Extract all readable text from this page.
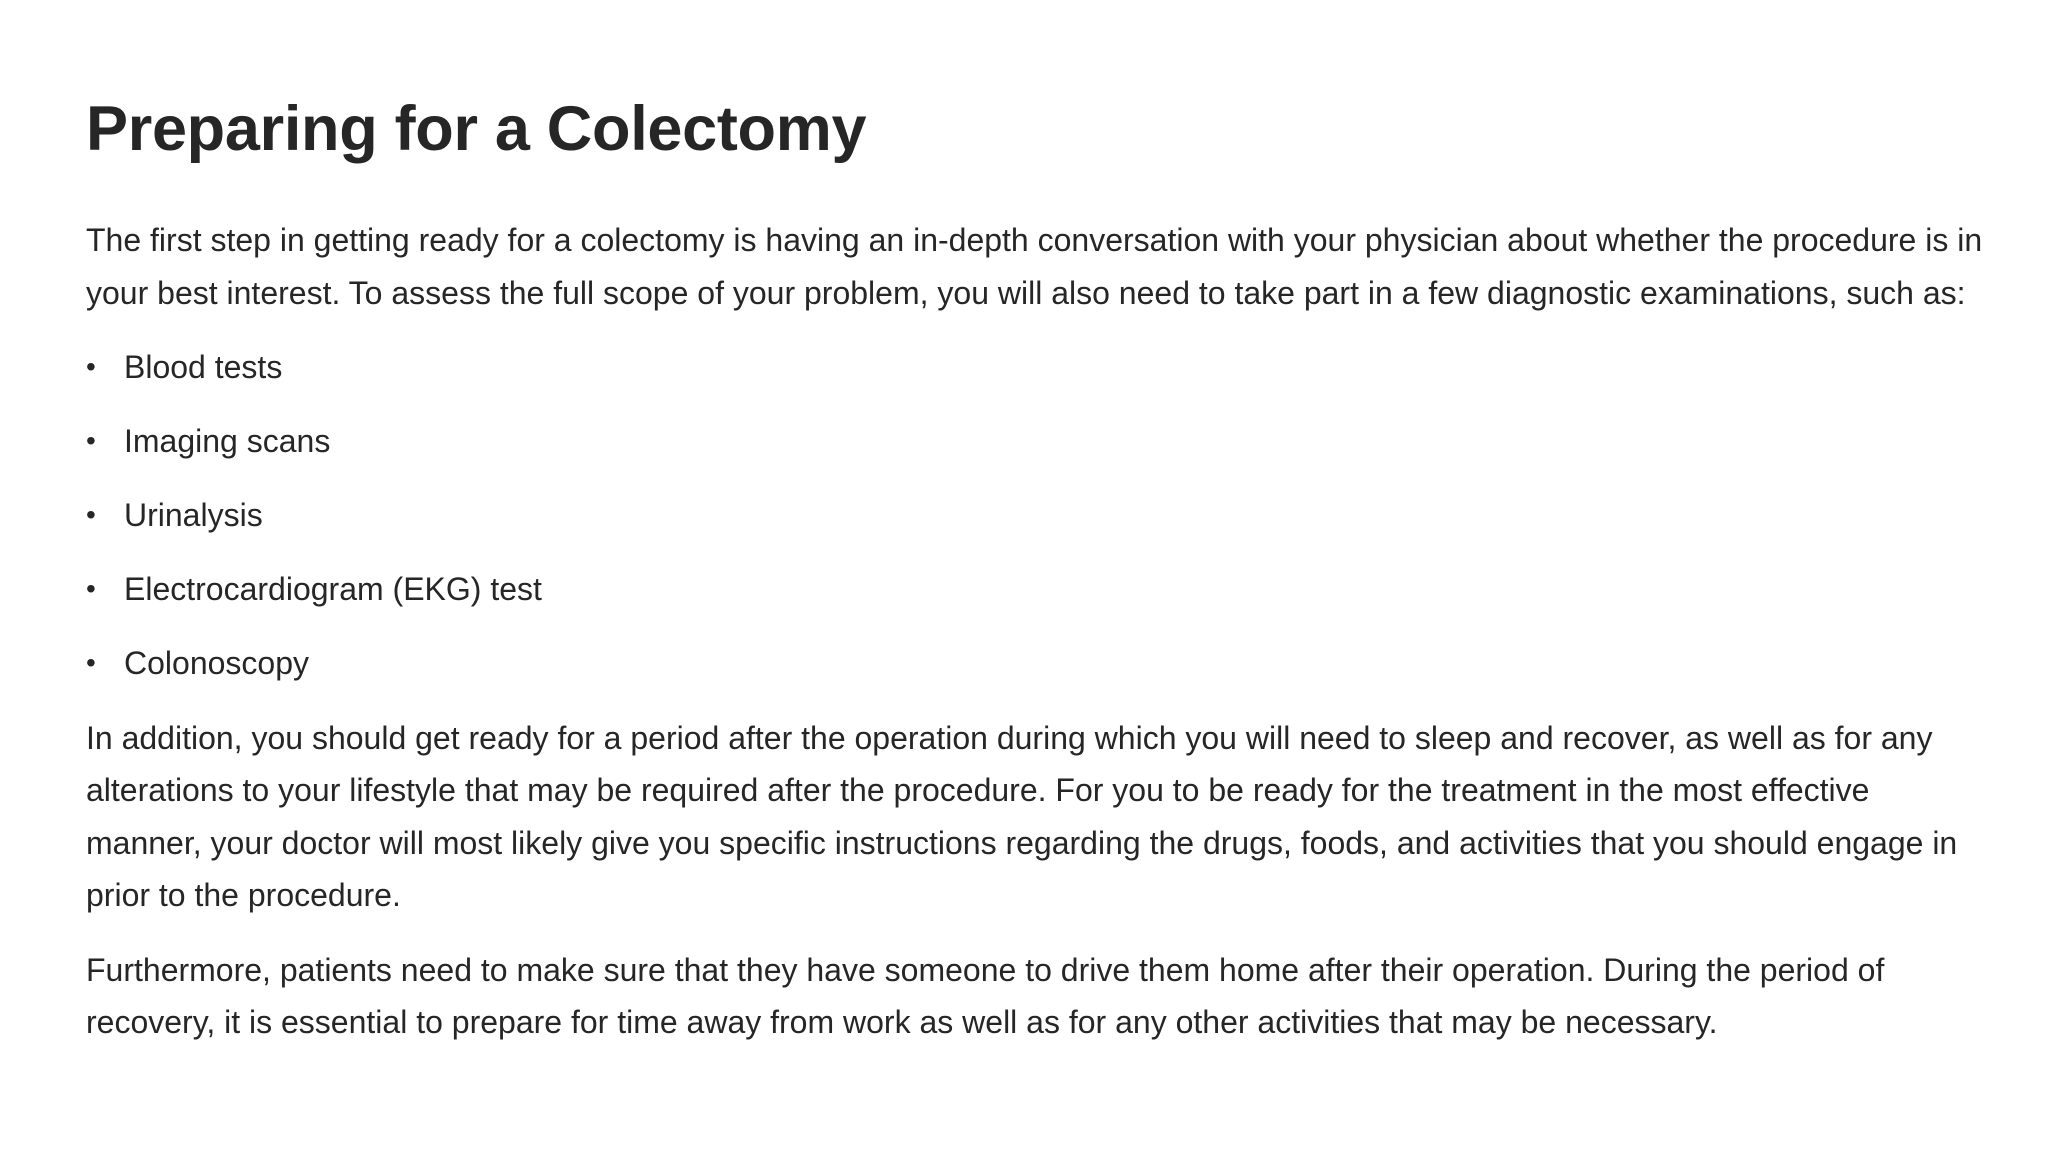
Preparing for a Colectomy

The first step in getting ready for a colectomy is having an in-depth conversation with your physician about whether the procedure is in your best interest. To assess the full scope of your problem, you will also need to take part in a few diagnostic examinations, such as:

• Blood tests
• Imaging scans
• Urinalysis
• Electrocardiogram (EKG) test
• Colonoscopy

In addition, you should get ready for a period after the operation during which you will need to sleep and recover, as well as for any alterations to your lifestyle that may be required after the procedure. For you to be ready for the treatment in the most effective manner, your doctor will most likely give you specific instructions regarding the drugs, foods, and activities that you should engage in prior to the procedure.

Furthermore, patients need to make sure that they have someone to drive them home after their operation. During the period of recovery, it is essential to prepare for time away from work as well as for any other activities that may be necessary.
